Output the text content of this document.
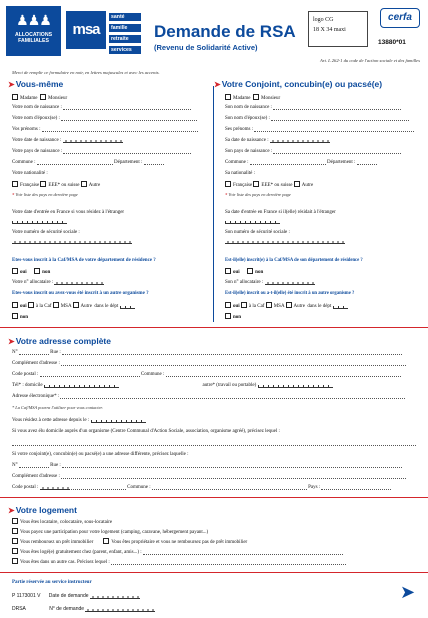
♟♟♟
ALLOCATIONS FAMILIALES
msa
santé
famille
retraite
services
Demande de RSA
(Revenu de Solidarité Active)
logo CG
18 X 34 maxi
cerfa
13880*01
Art. L 262-1 du code de l'action sociale et des familles
Merci de remplir ce formulaire en noir, en lettres majuscules et avec les accents.
➤Vous-même	➤Votre Conjoint, concubin(e) ou pacsé(e)
Madame Monsieur
Votre nom de naissance :
Votre nom d'époux(se) :
Vos prénoms :
Votre date de naissance :
Votre pays de naissance :
Commune :	Département :
Votre nationalité :
Française EEE* ou suisse Autre
* Voir liste des pays en dernière page
Votre date d'entrée en France si vous résidez à l'étranger
Votre numéro de sécurité sociale :
Etes-vous inscrit à la Caf/MSA de votre département de résidence ?
oui	non
Votre n° allocataire :
Etes-vous inscrit ou avez-vous été inscrit à un autre organisme ?
oui à la Caf MSA Autre dans le dépt
non
Madame Monsieur
Son nom de naissance :
Son nom d'époux(se) :
Ses prénoms :
Sa date de naissance :
Son pays de naissance :
Commune :	Département :
Sa nationalité :
Française EEE* ou suisse Autre
* Voir liste des pays en dernière page
Sa date d'entrée en France si il(elle) résidait à l'étranger
Son numéro de sécurité sociale :
Est-il(elle) inscrit(e) à la Caf/MSA de son département de résidence ?
oui	non
Son n° allocataire :
Est-il(elle) inscrit ou a-t-il(elle) été inscrit à un autre organisme ?
oui à la Caf MSA Autre dans le dépt
non
➤Votre adresse complète
N°	Rue :
Complément d'adresse :
Code postal :	Commune :
Tél* : domicile	autre* (travail ou portable)
Adresse électronique* :
* La Caf/MSA pourra l'utiliser pour vous contacter.
Vous résidez à cette adresse depuis le :
Si vous avez élu domicile auprès d'un organisme (Centre Communal d'Action Sociale, association, organisme agréé), précisez lequel :
Si votre conjoint(e), concubin(e) ou pacsé(e) a une adresse différente, précisez laquelle :
N°	Rue :
Complément d'adresse :
Code postal :	Commune :	Pays :
➤Votre logement
Vous êtes locataire, colocataire, sous-locataire
Vous payez une participation pour votre logement (camping, caravane, hébergement payant...)
Vous remboursez un prêt immobilier	Vous êtes propriétaire et vous ne remboursez pas de prêt immobilier
Vous êtes logé(e) gratuitement chez (parent, enfant, amis...) :
Vous êtes dans un autre cas. Précisez lequel :
Partie réservée au service instructeur
P 1173001 V Date de demande
DRSA	N° de demande
➤
